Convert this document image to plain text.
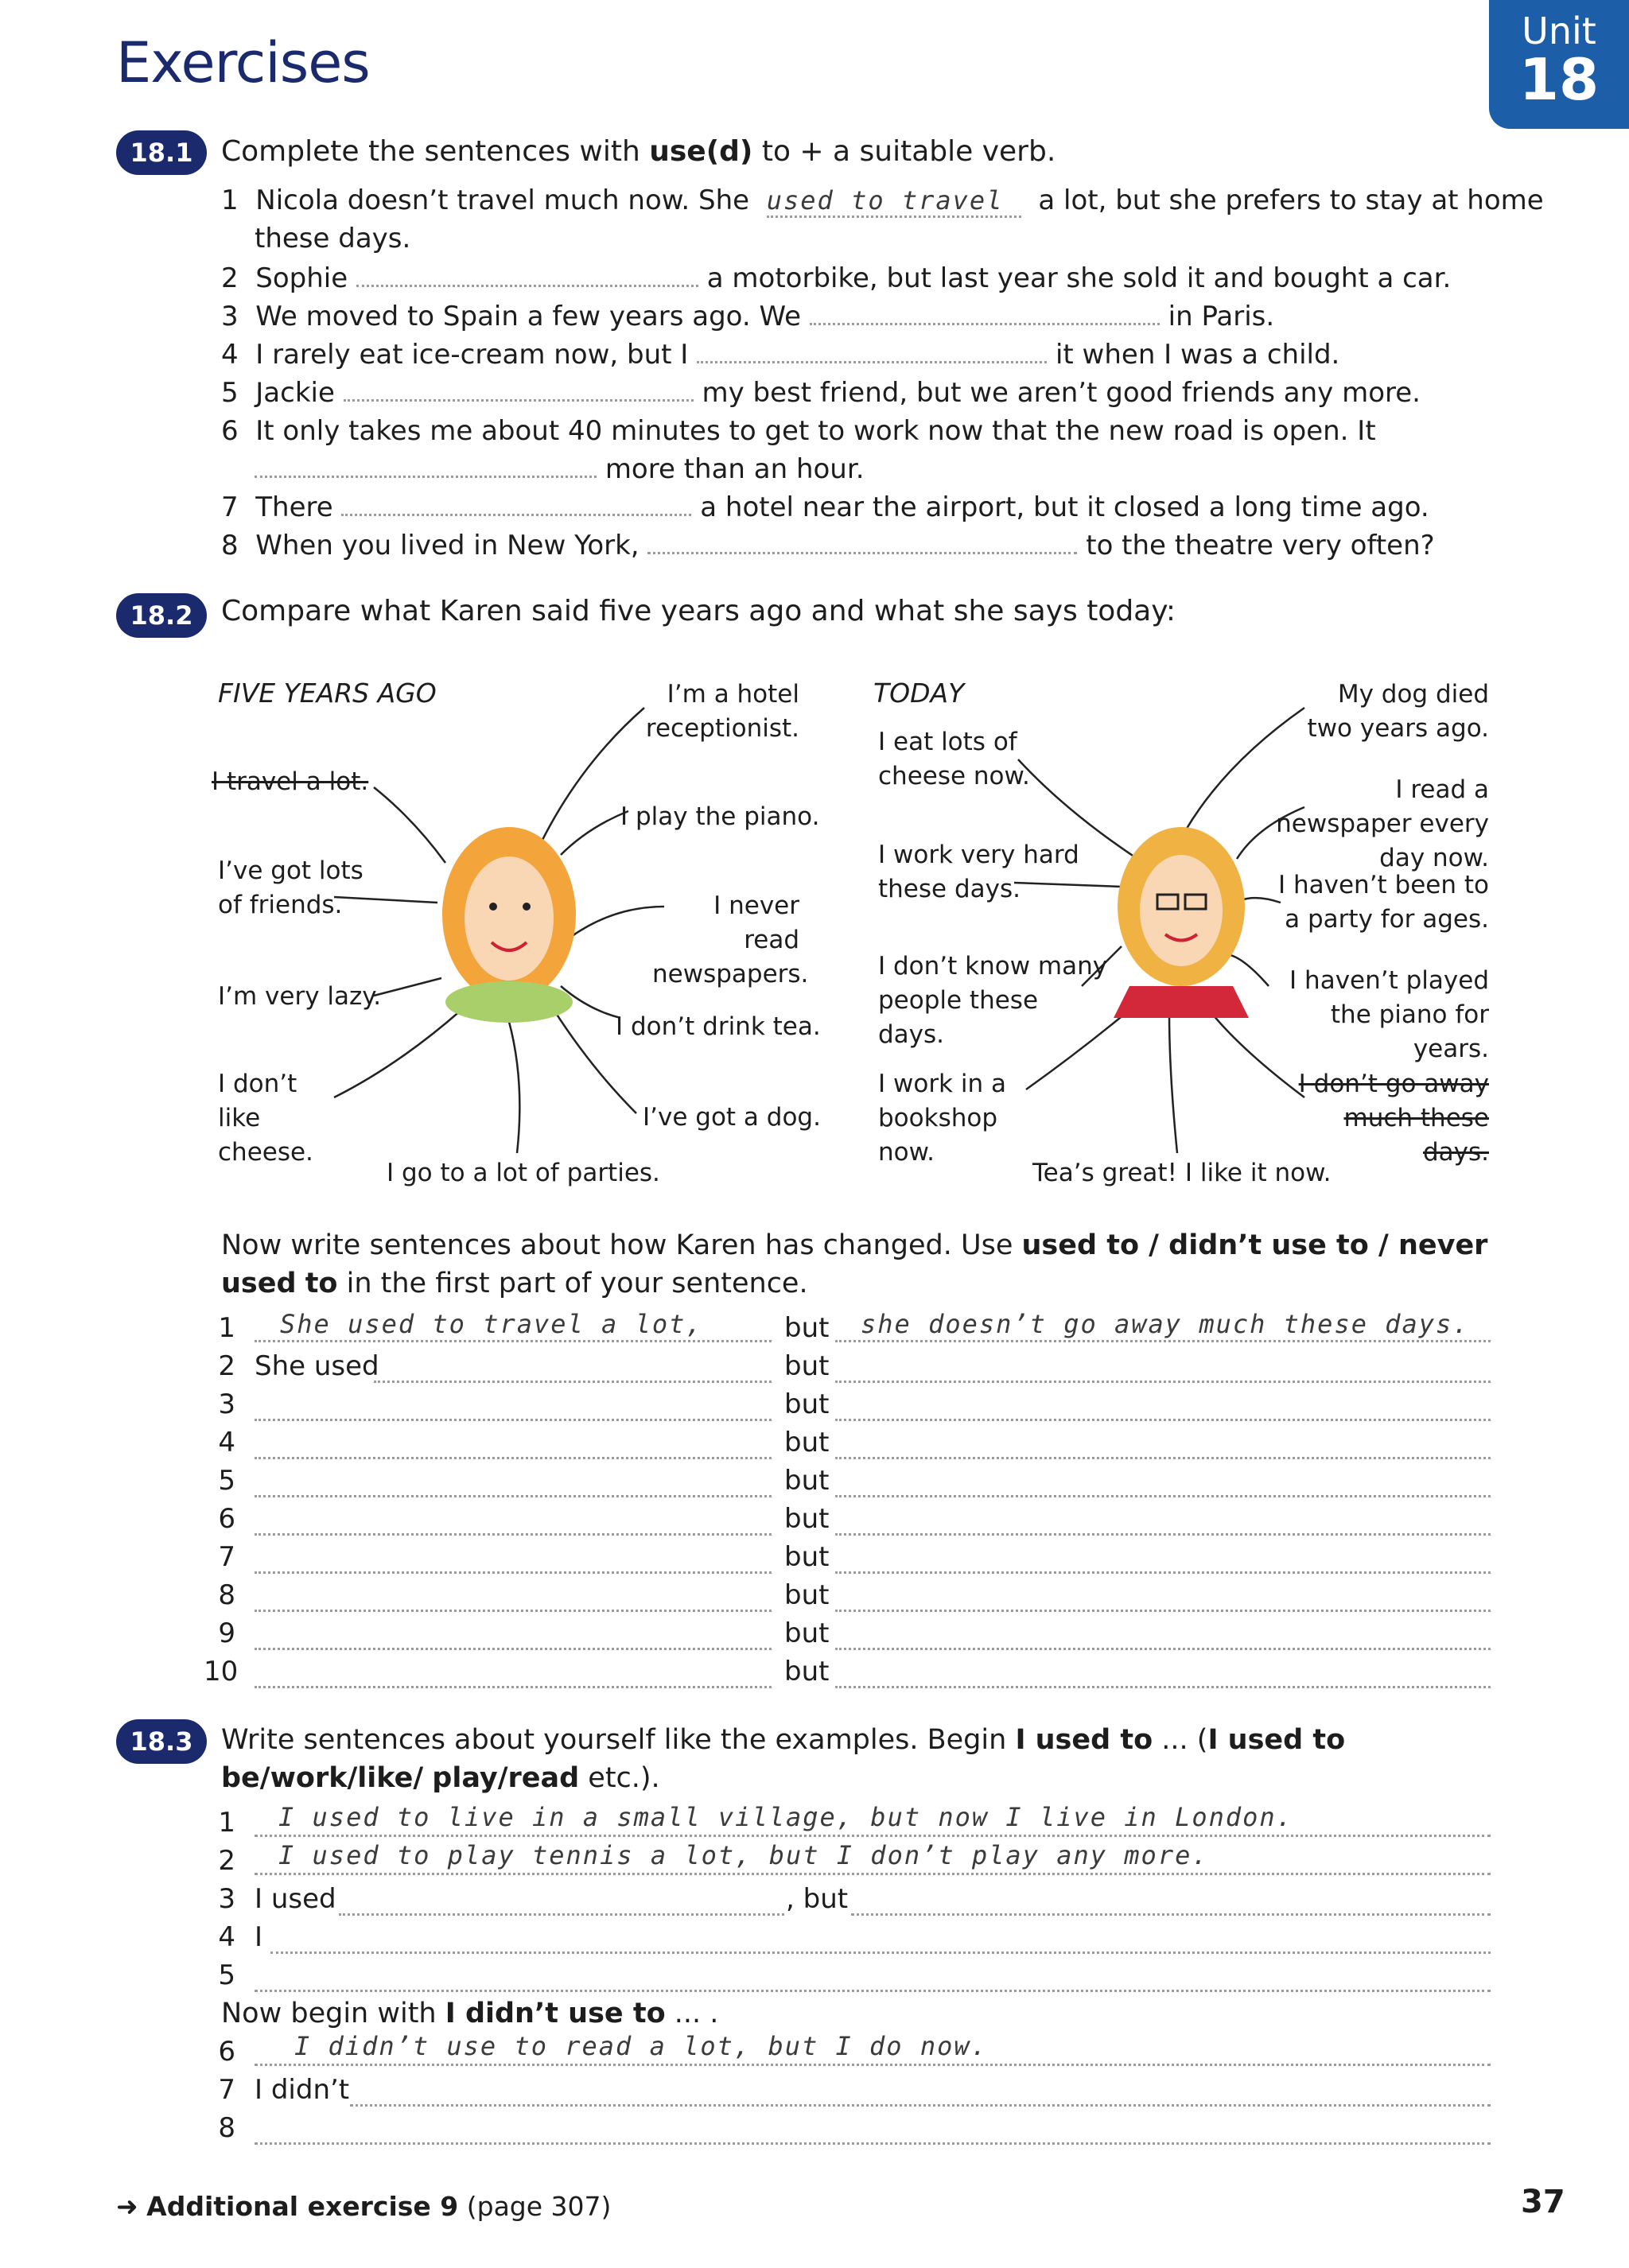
Exercises	Unit
18
18.1 Complete the sentences with use(d) to + a suitable verb.
1 Nicola doesn’t travel much now. She used to travel a lot, but she prefers to stay at home
these days.
2 Sophie	a motorbike, but last year she sold it and bought a car.
3 We moved to Spain a few years ago. We	in Paris.
4 I rarely eat ice-cream now, but I	it when I was a child.
5 Jackie	my best friend, but we aren’t good friends any more.
6 It only takes me about 40 minutes to get to work now that the new road is open. It
more than an hour.
7 There	a hotel near the airport, but it closed a long time ago.
8 When you lived in New York,	to the theatre very often?
18.2 Compare what Karen said five years ago and what she says today:
FIVE YEARS AGO	I’m a hotel receptionist.
I travel a lot.
I play the piano.
I’ve got lots of friends.	I never read newspapers.
I’m very lazy.
I don’t drink tea.
I don’t like cheese.
I’ve got a dog.
I go to a lot of parties.
TODAY	My dog died two years ago.
I eat lots of cheese now.	I read a newspaper every day now.
I work very hard these days.	I haven’t been to a party for ages.
I don’t know many people these days.
I haven’t played the piano for years.
I work in a bookshop now.
I don’t go away much these days.
Tea’s great! I like it now.
Now write sentences about how Karen has changed. Use used to / didn’t use to / never used to in the first part of your sentence.
1	She used to travel a lot,	but	she doesn’t go away much these days.
2 She used	but
3	but
4	but
5	but
6	but
7	but
8	but
9	but
10	but
18.3	Write sentences about yourself like the examples. Begin I used to ... (I used to be/work/like/ play/read etc.).
1	I used to live in a small village, but now I live in London.
2	I used to play tennis a lot, but I don’t play any more.
3 I used	, but
4 I
5
Now begin with I didn’t use to ... .
6	I didn’t use to read a lot, but I do now.
7 I didn’t
8
➜ Additional exercise 9 (page 307)	37
